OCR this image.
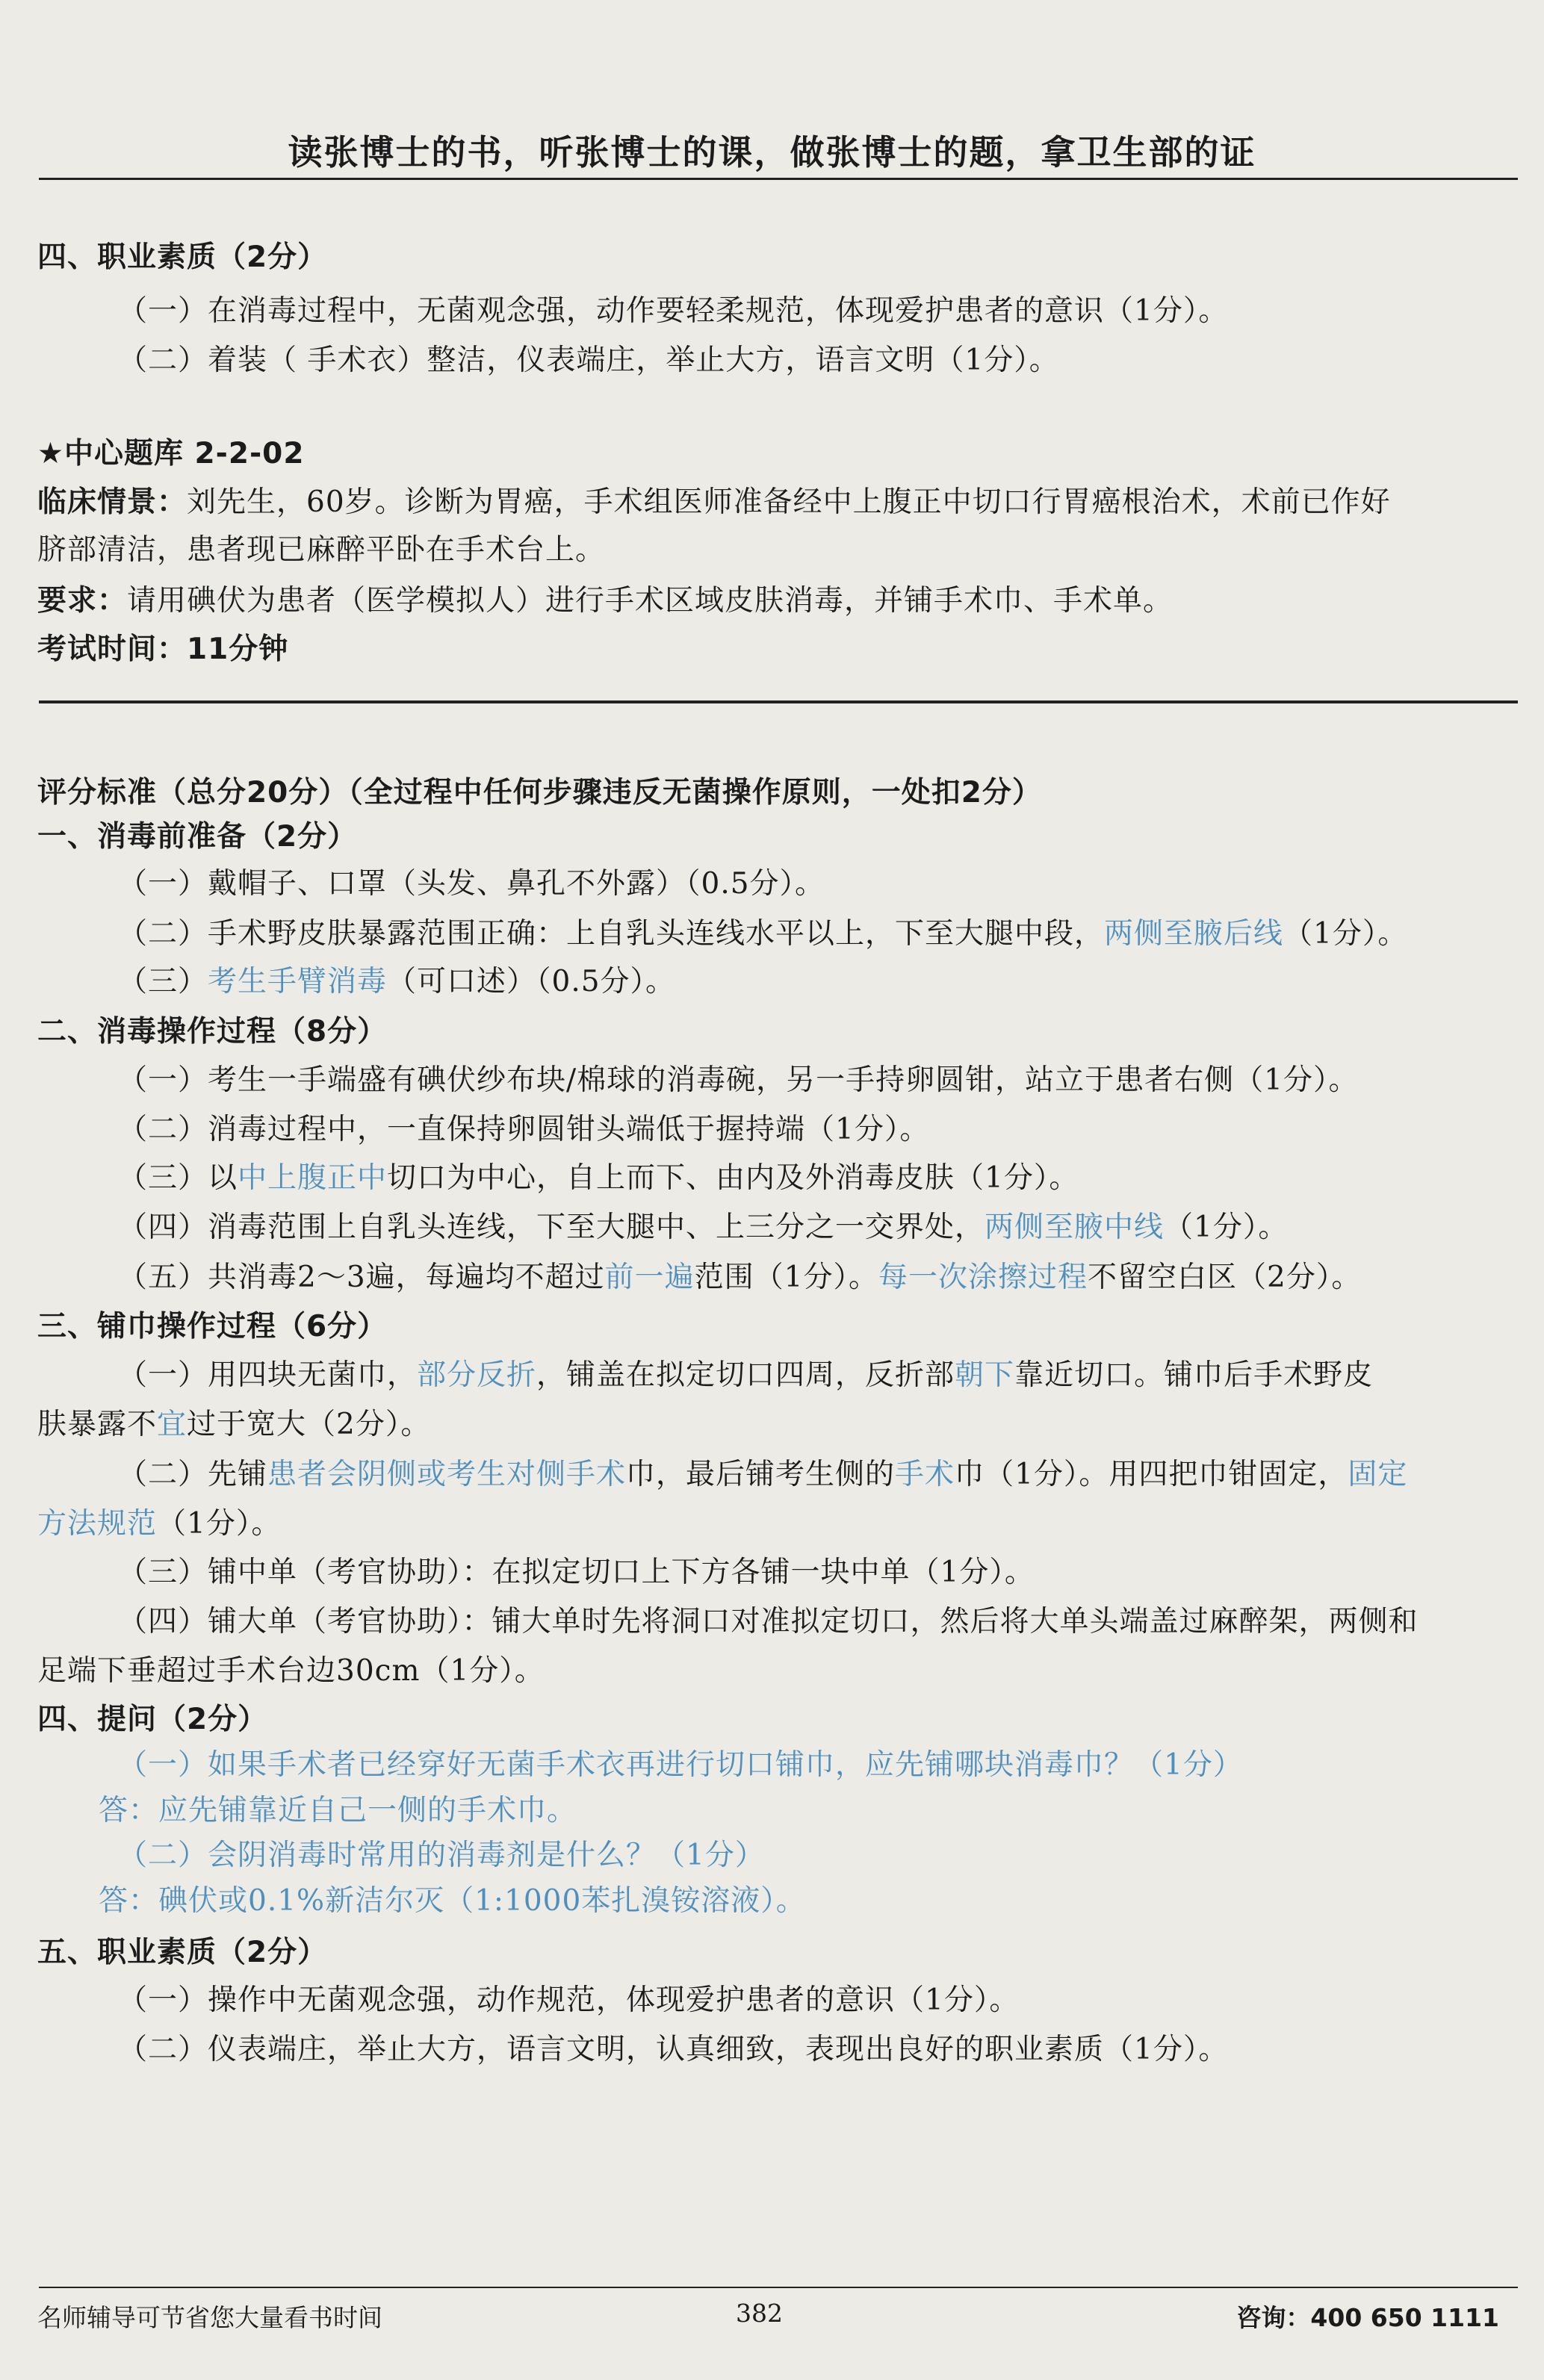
读张博士的书，听张博士的课，做张博士的题，拿卫生部的证
四、职业素质（2分）
（一）在消毒过程中，无菌观念强，动作要轻柔规范，体现爱护患者的意识（1分）。
（二）着装（ 手术衣）整洁，仪表端庄，举止大方，语言文明（1分）。
★中心题库 2-2-02
临床情景：刘先生，60岁。诊断为胃癌，手术组医师准备经中上腹正中切口行胃癌根治术，术前已作好
脐部清洁，患者现已麻醉平卧在手术台上。
要求：请用碘伏为患者（医学模拟人）进行手术区域皮肤消毒，并铺手术巾、手术单。
考试时间：11分钟
评分标准（总分20分）（全过程中任何步骤违反无菌操作原则，一处扣2分）
一、消毒前准备（2分）
（一）戴帽子、口罩（头发、鼻孔不外露）（0.5分）。
（二）手术野皮肤暴露范围正确：上自乳头连线水平以上，下至大腿中段，两侧至腋后线（1分）。
（三）考生手臂消毒（可口述）（0.5分）。
二、消毒操作过程（8分）
（一）考生一手端盛有碘伏纱布块/棉球的消毒碗，另一手持卵圆钳，站立于患者右侧（1分）。
（二）消毒过程中，一直保持卵圆钳头端低于握持端（1分）。
（三）以中上腹正中切口为中心，自上而下、由内及外消毒皮肤（1分）。
（四）消毒范围上自乳头连线，下至大腿中、上三分之一交界处，两侧至腋中线（1分）。
（五）共消毒2～3遍，每遍均不超过前一遍范围（1分）。每一次涂擦过程不留空白区（2分）。
三、铺巾操作过程（6分）
（一）用四块无菌巾，部分反折，铺盖在拟定切口四周，反折部朝下靠近切口。铺巾后手术野皮
肤暴露不宜过于宽大（2分）。
（二）先铺患者会阴侧或考生对侧手术巾，最后铺考生侧的手术巾（1分）。用四把巾钳固定，固定
方法规范（1分）。
（三）铺中单（考官协助）：在拟定切口上下方各铺一块中单（1分）。
（四）铺大单（考官协助）：铺大单时先将洞口对准拟定切口，然后将大单头端盖过麻醉架，两侧和
足端下垂超过手术台边30cm（1分）。
四、提问（2分）
（一）如果手术者已经穿好无菌手术衣再进行切口铺巾，应先铺哪块消毒巾？（1分）
答：应先铺靠近自己一侧的手术巾。
（二）会阴消毒时常用的消毒剂是什么？（1分）
答：碘伏或0.1%新洁尔灭（1:1000苯扎溴铵溶液）。
五、职业素质（2分）
（一）操作中无菌观念强，动作规范，体现爱护患者的意识（1分）。
（二）仪表端庄，举止大方，语言文明，认真细致，表现出良好的职业素质（1分）。
名师辅导可节省您大量看书时间	382	咨询：400 650 1111
